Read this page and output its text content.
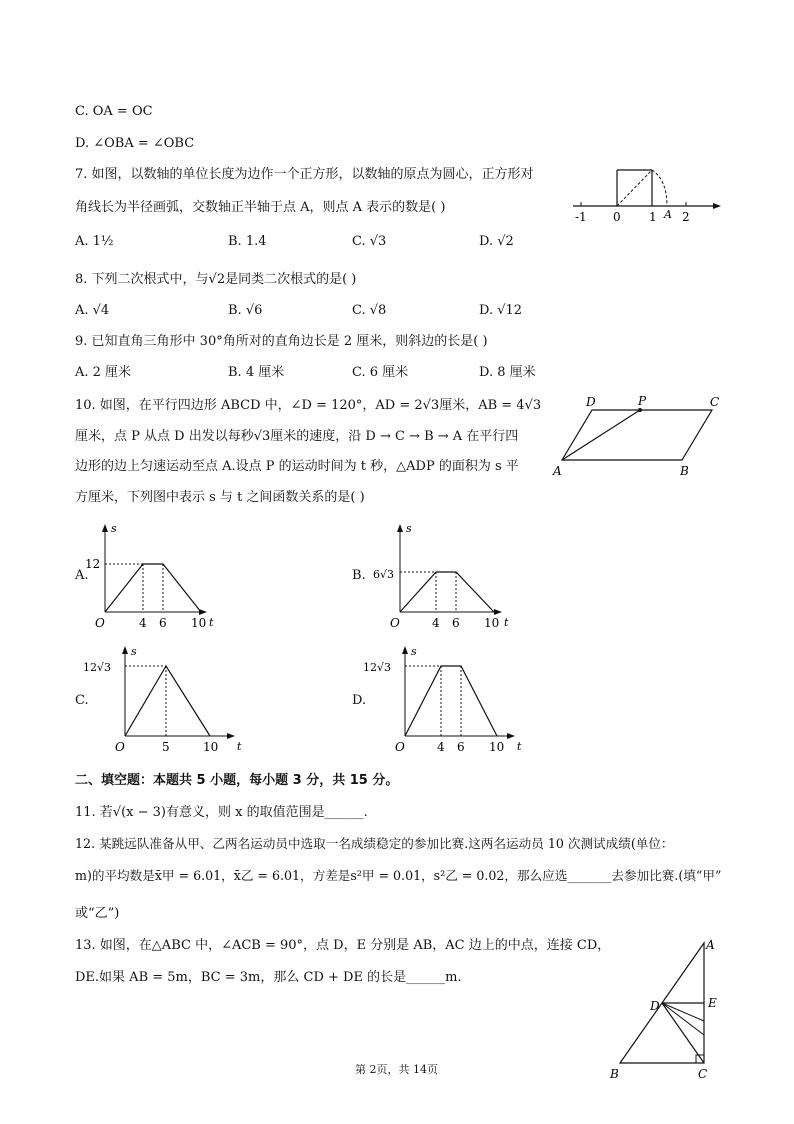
C. OA = OC
D. ∠OBA = ∠OBC
7. 如图，以数轴的单位长度为边作一个正方形，以数轴的原点为圆心，正方形对
角线长为半径画弧，交数轴正半轴于点 A，则点 A 表示的数是( )
A. 1½	B. 1.4	C. √3	D. √2
-1 0 1 2
A
8. 下列二次根式中，与√2是同类二次根式的是( )
A. √4	B. √6	C. √8	D. √12
9. 已知直角三角形中 30°角所对的直角边长是 2 厘米，则斜边的长是( )
A. 2 厘米	B. 4 厘米	C. 6 厘米	D. 8 厘米
10. 如图，在平行四边形 ABCD 中，∠D = 120°，AD = 2√3厘米，AB = 4√3
厘米，点 P 从点 D 出发以每秒√3厘米的速度，沿 D → C → B → A 在平行四
边形的边上匀速运动至点 A.设点 P 的运动时间为 t 秒，△ADP 的面积为 s 平
方厘米，下列图中表示 s 与 t 之间函数关系的是( )
D	P	C
A	B
A.
s
t
O
12
4 6 10
B.
s
t
O
6√3
4 6 10
C.
s
t
O
12√3
5	10
D.
s
t
O
12√3
4 6 10
二、填空题：本题共 5 小题，每小题 3 分，共 15 分。
11. 若√(x − 3)有意义，则 x 的取值范围是______.
12. 某跳远队准备从甲、乙两名运动员中选取一名成绩稳定的参加比赛.这两名运动员 10 次测试成绩(单位：
m)的平均数是x̄甲 = 6.01，x̄乙 = 6.01，方差是s²甲 = 0.01，s²乙 = 0.02，那么应选_______去参加比赛.(填“甲”
或“乙”)
13. 如图，在△ABC 中，∠ACB = 90°，点 D，E 分别是 AB，AC 边上的中点，连接 CD，
DE.如果 AB = 5m，BC = 3m，那么 CD + DE 的长是______m.
A
D	E
B	C
第 2页，共 14页
